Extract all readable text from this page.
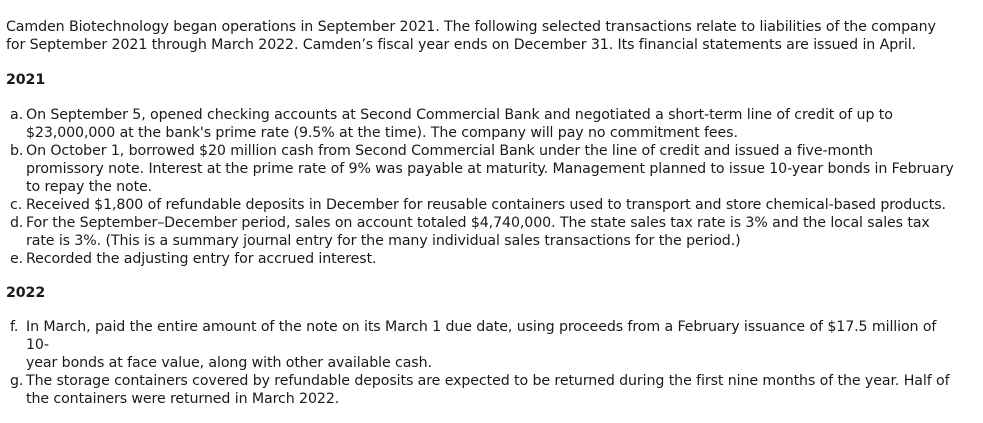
Camden Biotechnology began operations in September 2021. The following selected transactions relate to liabilities of the company
for September 2021 through March 2022. Camden’s fiscal year ends on December 31. Its financial statements are issued in April.
2021
a. On September 5, opened checking accounts at Second Commercial Bank and negotiated a short-term line of credit of up to
$23,000,000 at the bank's prime rate (9.5% at the time). The company will pay no commitment fees.
b. On October 1, borrowed $20 million cash from Second Commercial Bank under the line of credit and issued a five-month
promissory note. Interest at the prime rate of 9% was payable at maturity. Management planned to issue 10-year bonds in February
to repay the note.
c. Received $1,800 of refundable deposits in December for reusable containers used to transport and store chemical-based products.
d. For the September–December period, sales on account totaled $4,740,000. The state sales tax rate is 3% and the local sales tax
rate is 3%. (This is a summary journal entry for the many individual sales transactions for the period.)
e. Recorded the adjusting entry for accrued interest.
2022
f. In March, paid the entire amount of the note on its March 1 due date, using proceeds from a February issuance of $17.5 million of 10-
year bonds at face value, along with other available cash.
g. The storage containers covered by refundable deposits are expected to be returned during the first nine months of the year. Half of
the containers were returned in March 2022.
